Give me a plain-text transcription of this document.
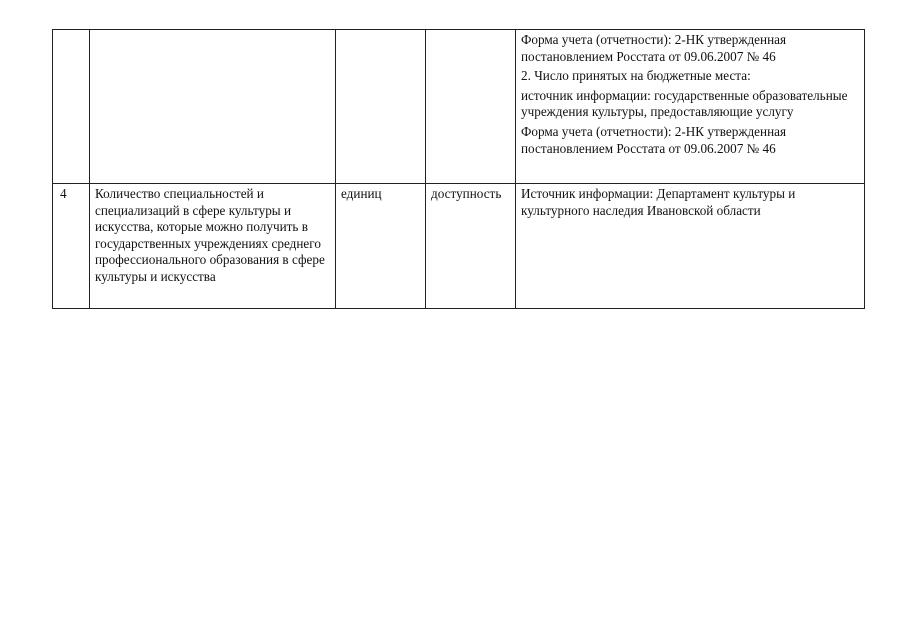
				Форма учета (отчетности): 2-НК утвержденная постановлением Росстата от 09.06.2007 № 46

2. Число принятых на бюджетные места:

источник информации: государственные образовательные учреждения культуры, предоставляющие услугу

Форма учета (отчетности): 2-НК утвержденная постановлением Росстата от 09.06.2007 № 46

4	Количество специальностей и специализаций в сфере культуры и искусства, которые можно получить в государственных учреждениях среднего профессионального образования в сфере культуры и искусства	единиц	доступность	Источник информации: Департамент культуры и культурного наследия Ивановской области
